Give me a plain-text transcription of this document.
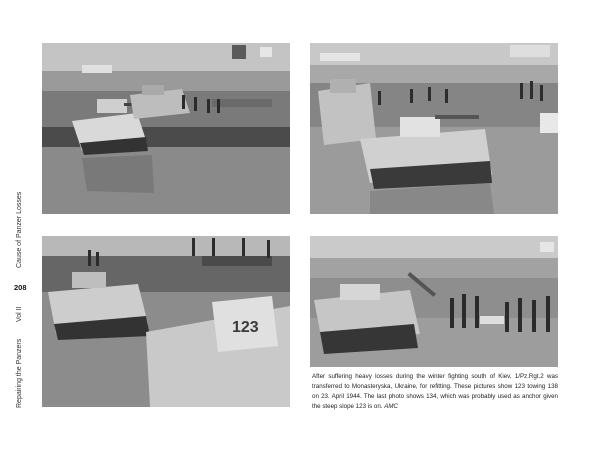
Cause of Panzer Losses
208
Vol II
Repairing the Panzers
123
After suffering heavy losses during the winter fighting south of Kiev, 1/Pz.Rgt.2 was transferred to Monasteryska, Ukraine, for refitting. These pictures show 123 towing 138 on 23. April 1944. The last photo shows 134, which was probably used as anchor given the steep slope 123 is on. AMC
